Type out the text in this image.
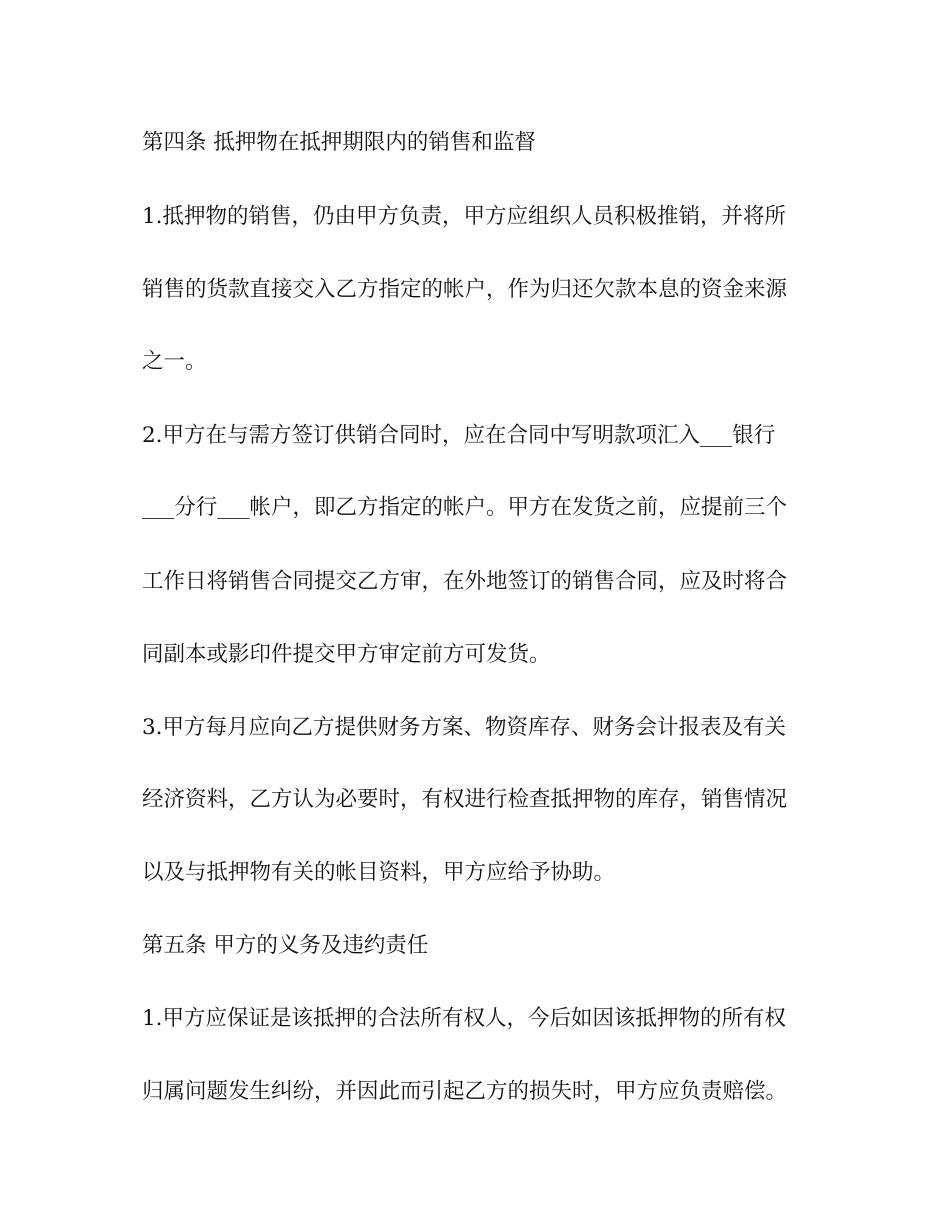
第四条 抵押物在抵押期限内的销售和监督
1.抵押物的销售，仍由甲方负责，甲方应组织人员积极推销，并将所
销售的货款直接交入乙方指定的帐户，作为归还欠款本息的资金来源
之一。
2.甲方在与需方签订供销合同时，应在合同中写明款项汇入___银行
___分行___帐户，即乙方指定的帐户。甲方在发货之前，应提前三个
工作日将销售合同提交乙方审，在外地签订的销售合同，应及时将合
同副本或影印件提交甲方审定前方可发货。
3.甲方每月应向乙方提供财务方案、物资库存、财务会计报表及有关
经济资料，乙方认为必要时，有权进行检查抵押物的库存，销售情况
以及与抵押物有关的帐目资料，甲方应给予协助。
第五条 甲方的义务及违约责任
1.甲方应保证是该抵押的合法所有权人，今后如因该抵押物的所有权
归属问题发生纠纷，并因此而引起乙方的损失时，甲方应负责赔偿。
